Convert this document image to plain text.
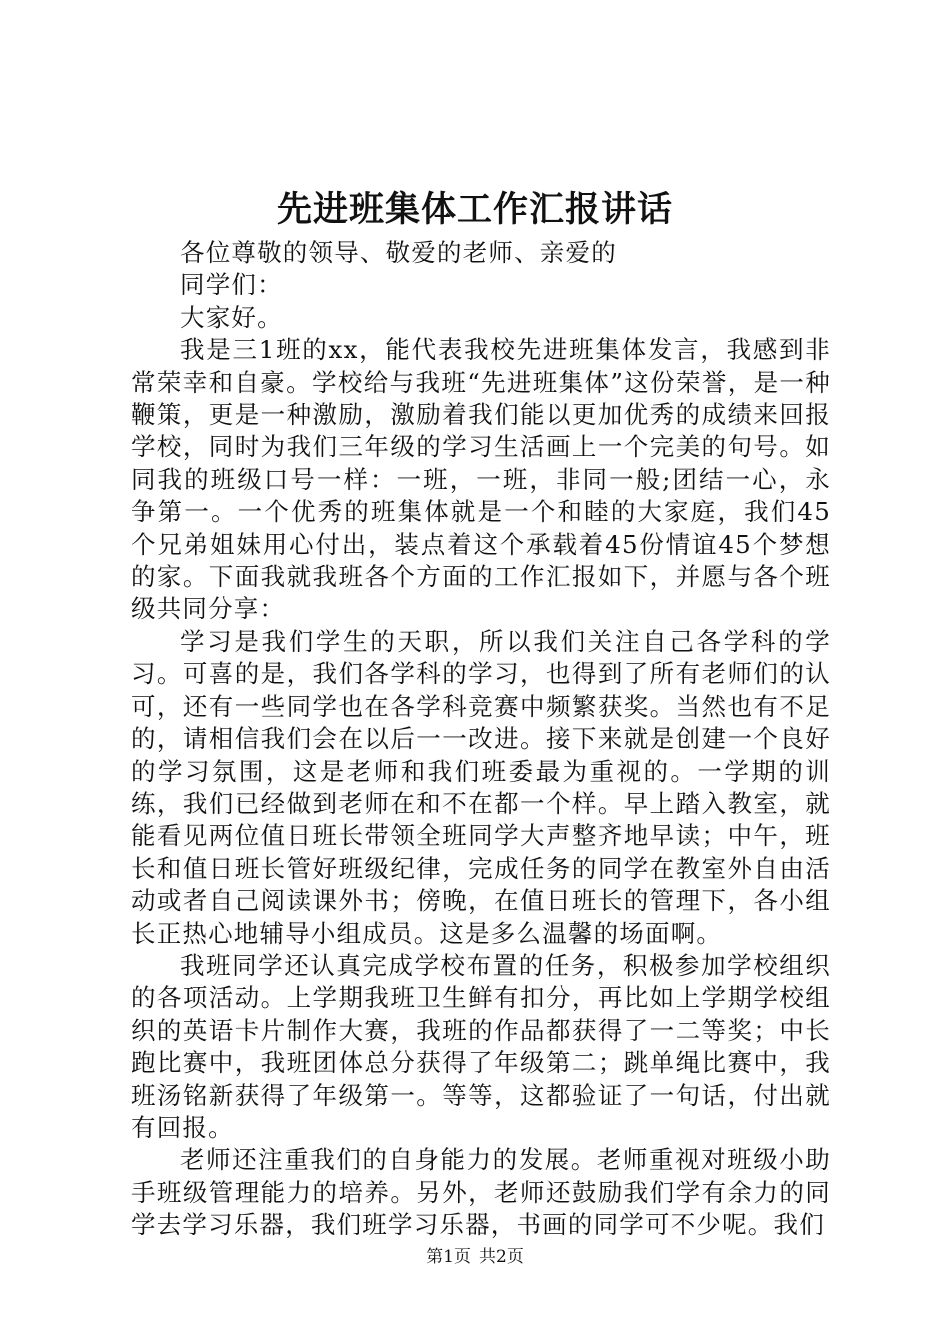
先进班集体工作汇报讲话

各位尊敬的领导、敬爱的老师、亲爱的

同学们：

大家好。

我是三1班的xx，能代表我校先进班集体发言，我感到非常荣幸和自豪。学校给与我班“先进班集体”这份荣誉，是一种鞭策，更是一种激励，激励着我们能以更加优秀的成绩来回报学校，同时为我们三年级的学习生活画上一个完美的句号。如同我的班级口号一样：一班，一班，非同一般;团结一心，永争第一。一个优秀的班集体就是一个和睦的大家庭，我们45个兄弟姐妹用心付出，装点着这个承载着45份情谊45个梦想的家。下面我就我班各个方面的工作汇报如下，并愿与各个班级共同分享：

学习是我们学生的天职，所以我们关注自己各学科的学习。可喜的是，我们各学科的学习，也得到了所有老师们的认可，还有一些同学也在各学科竞赛中频繁获奖。当然也有不足的，请相信我们会在以后一一改进。接下来就是创建一个良好的学习氛围，这是老师和我们班委最为重视的。一学期的训练，我们已经做到老师在和不在都一个样。早上踏入教室，就能看见两位值日班长带领全班同学大声整齐地早读；中午，班长和值日班长管好班级纪律，完成任务的同学在教室外自由活动或者自己阅读课外书；傍晚，在值日班长的管理下，各小组长正热心地辅导小组成员。这是多么温馨的场面啊。

我班同学还认真完成学校布置的任务，积极参加学校组织的各项活动。上学期我班卫生鲜有扣分，再比如上学期学校组织的英语卡片制作大赛，我班的作品都获得了一二等奖；中长跑比赛中，我班团体总分获得了年级第二；跳单绳比赛中，我班汤铭新获得了年级第一。等等，这都验证了一句话，付出就有回报。

老师还注重我们的自身能力的发展。老师重视对班级小助手班级管理能力的培养。另外，老师还鼓励我们学有余力的同学去学习乐器，我们班学习乐器，书画的同学可不少呢。我们

第1页 共2页
